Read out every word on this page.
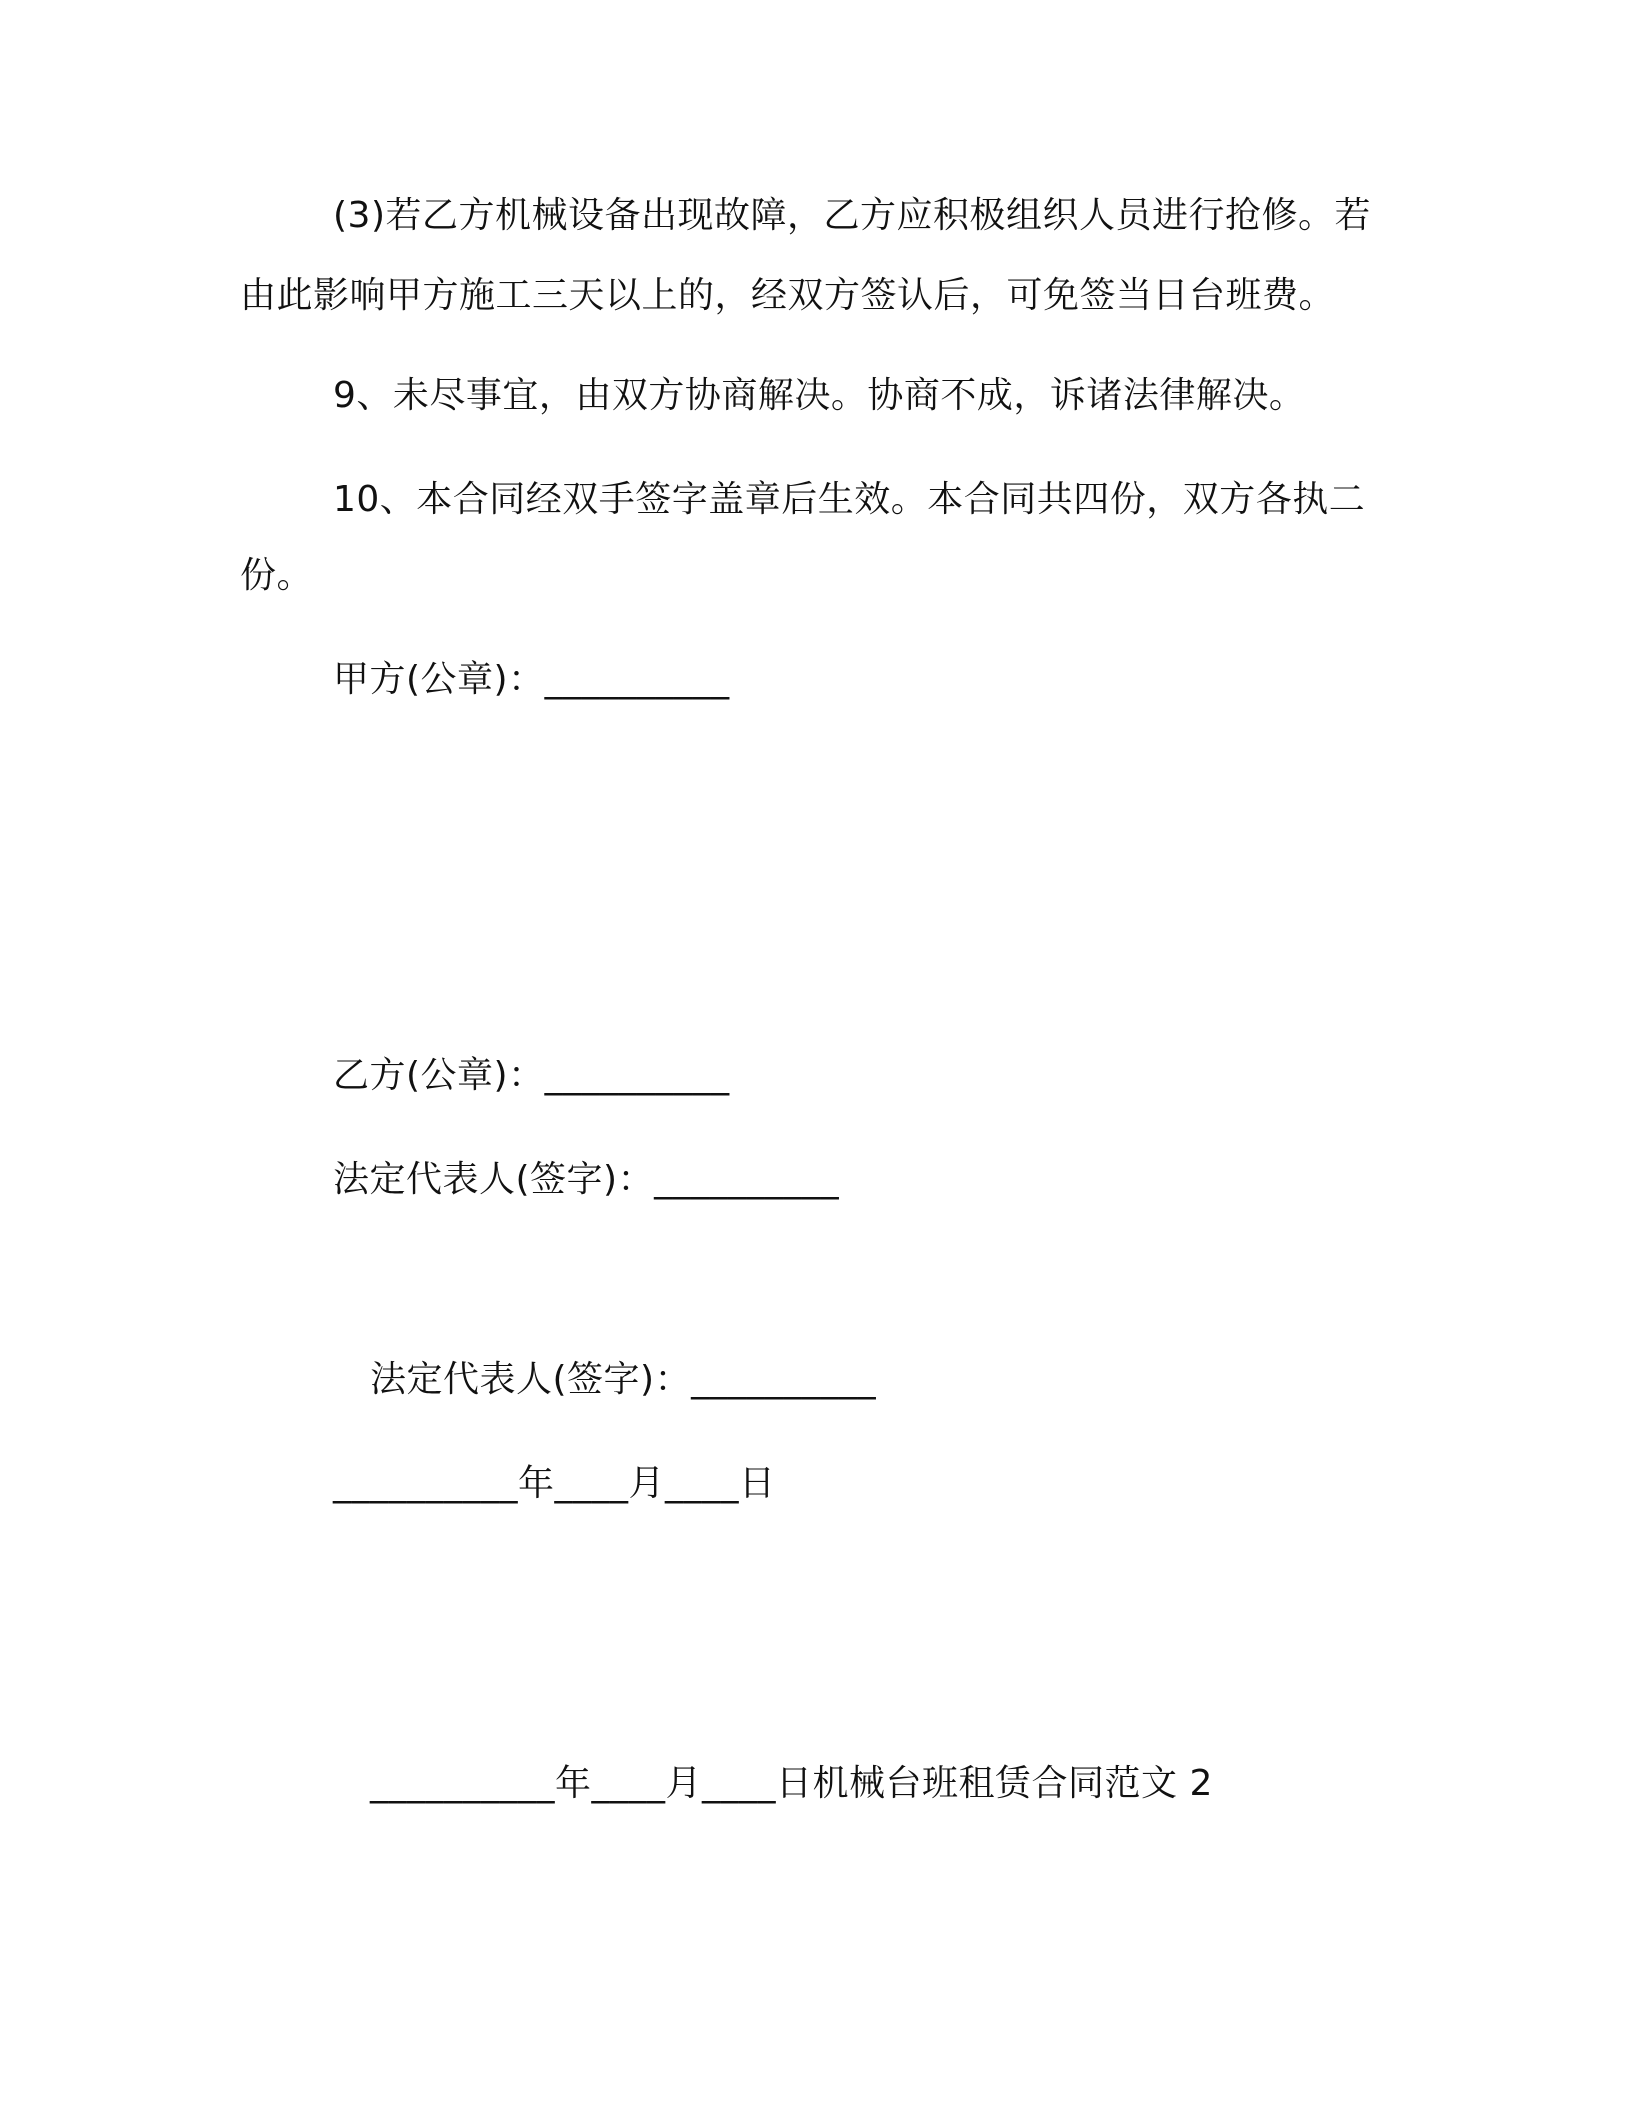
(3)若乙方机械设备出现故障，乙方应积极组织人员进行抢修。若
由此影响甲方施工三天以上的，经双方签认后，可免签当日台班费。
9、未尽事宜，由双方协商解决。协商不成，诉诸法律解决。
10、本合同经双手签字盖章后生效。本合同共四份，双方各执二
份。
甲方(公章)：__________
乙方(公章)：__________
法定代表人(签字)：__________
法定代表人(签字)：__________
__________年____月____日
__________年____月____日机械台班租赁合同范文 2
